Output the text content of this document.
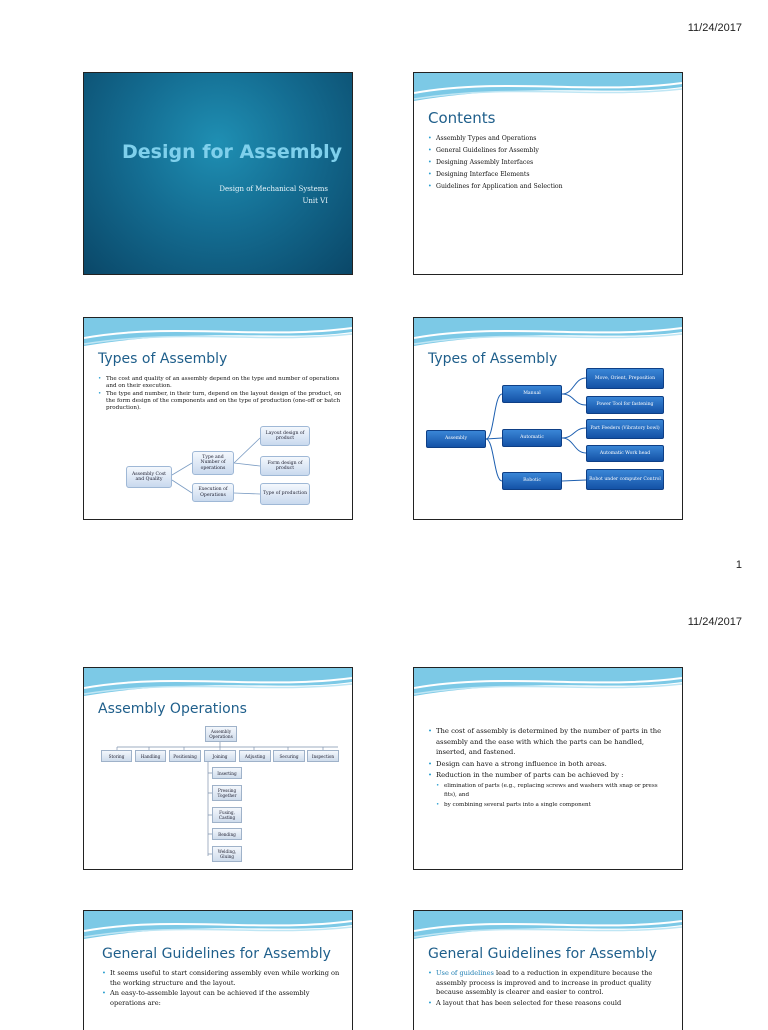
11/24/2017
Design for Assembly
Design of Mechanical Systems
Unit VI
Contents
• Assembly Types and Operations
• General Guidelines for Assembly
• Designing Assembly Interfaces
• Designing Interface Elements
• Guidelines for Application and Selection
Types of Assembly
• The cost and quality of an assembly depend on the type and number of operations and on their execution.
• The type and number, in their turn, depend on the layout design of the product, on the form design of the components and on the type of production (one-off or batch production).
Assembly Cost and Quality
Type and Number of operations
Execution of Operations
Layout design of product
Form design of product
Type of production
Types of Assembly
Assembly
Manual
Automatic
Robotic
Move, Orient, Preposition
Power Tool for fastening
Part Feeders (Vibratory bowl)
Automatic Work head
Robot under computer Control
1
11/24/2017
Assembly Operations
Assembly Operations
Storing	Handling	Positioning	Joining	Adjusting	Securing	Inspection
Inserting
Pressing Together
Fusing, Casting
Bending
Welding, Gluing
• The cost of assembly is determined by the number of parts in the assembly and the ease with which the parts can be handled, inserted, and fastened.
• Design can have a strong influence in both areas.
• Reduction in the number of parts can be achieved by :
• elimination of parts (e.g., replacing screws and washers with snap or press fits), and
• by combining several parts into a single component
General Guidelines for Assembly
• It seems useful to start considering assembly even while working on the working structure and the layout.
• An easy-to-assemble layout can be achieved if the assembly operations are:
General Guidelines for Assembly
• Use of guidelines lead to a reduction in expenditure because the assembly process is improved and to increase in product quality because assembly is clearer and easier to control.
• A layout that has been selected for these reasons could
